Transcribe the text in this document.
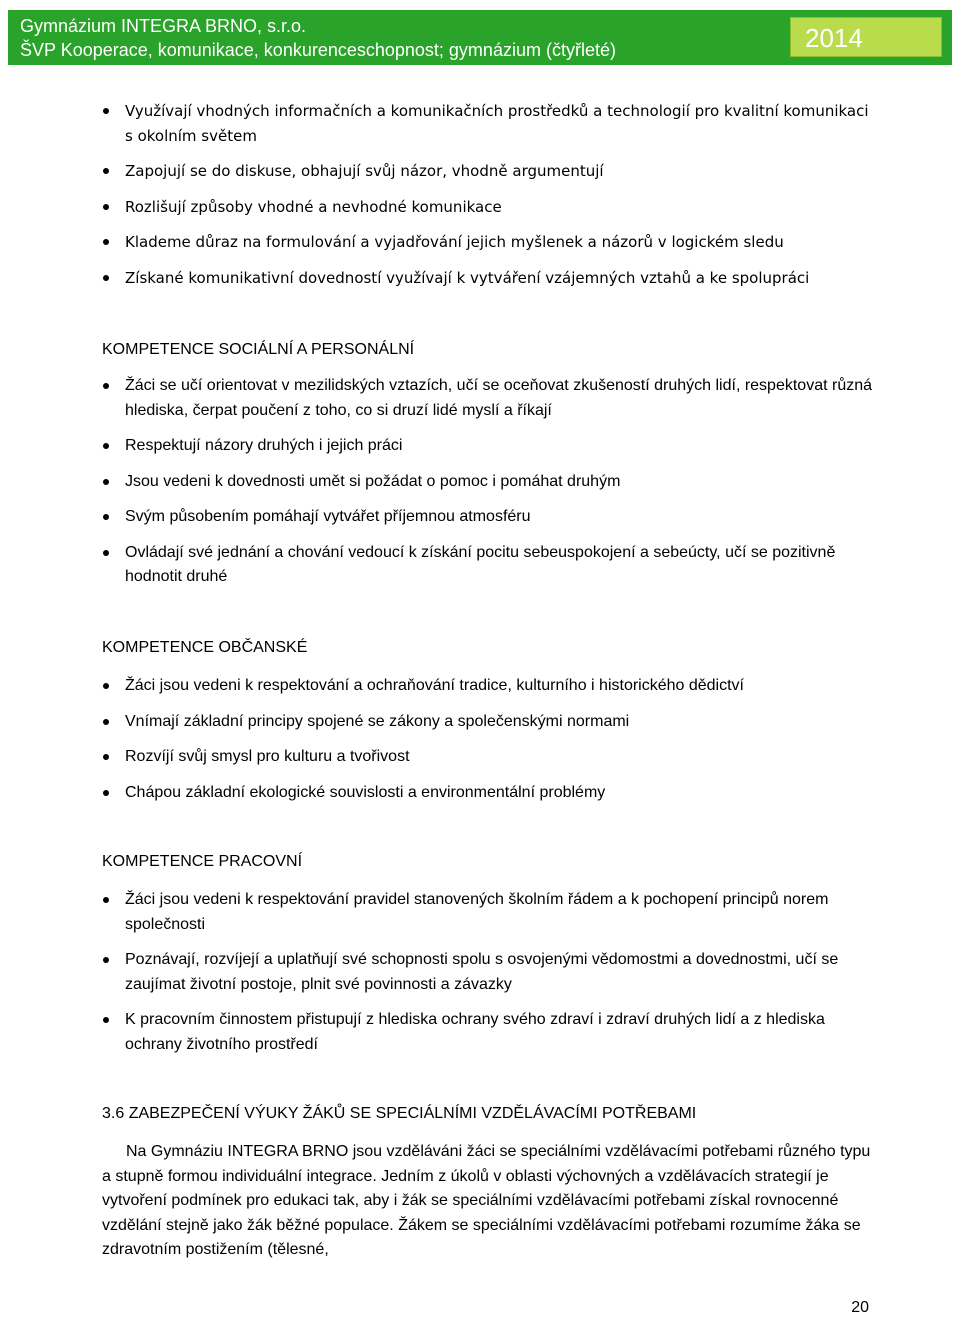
Gymnázium INTEGRA BRNO, s.r.o.
ŠVP Kooperace, komunikace, konkurenceschopnost; gymnázium (čtyřleté)	2014
Využívají vhodných informačních a komunikačních prostředků a technologií pro kvalitní komunikaci s okolním světem
Zapojují se do diskuse, obhajují svůj názor, vhodně argumentují
Rozlišují způsoby vhodné a nevhodné komunikace
Klademe důraz na formulování a vyjadřování jejich myšlenek a názorů v logickém sledu
Získané komunikativní dovedností využívají k vytváření vzájemných vztahů a ke spolupráci
KOMPETENCE SOCIÁLNÍ A PERSONÁLNÍ
Žáci se učí orientovat v mezilidských vztazích, učí se oceňovat zkušeností druhých lidí, respektovat různá hlediska, čerpat poučení z toho, co si druzí lidé myslí a říkají
Respektují názory druhých i jejich práci
Jsou vedeni k dovednosti umět si požádat o pomoc i pomáhat druhým
Svým působením pomáhají vytvářet příjemnou atmosféru
Ovládají své jednání a chování vedoucí k získání pocitu sebeuspokojení a sebeúcty, učí se pozitivně hodnotit druhé
KOMPETENCE OBČANSKÉ
Žáci jsou vedeni k respektování a ochraňování tradice, kulturního i historického dědictví
Vnímají základní principy spojené se zákony a společenskými normami
Rozvíjí svůj smysl pro kulturu a tvořivost
Chápou základní ekologické souvislosti a environmentální problémy
KOMPETENCE PRACOVNÍ
Žáci jsou vedeni k respektování pravidel stanovených školním řádem a k pochopení principů norem společnosti
Poznávají, rozvíjejí a uplatňují své schopnosti spolu s osvojenými vědomostmi a dovednostmi, učí se zaujímat životní postoje, plnit své povinnosti a závazky
K pracovním činnostem přistupují z hlediska ochrany svého zdraví i zdraví druhých lidí a z hlediska ochrany životního prostředí
3.6 ZABEZPEČENÍ VÝUKY ŽÁKŮ SE SPECIÁLNÍMI VZDĚLÁVACÍMI POTŘEBAMI

Na Gymnáziu INTEGRA BRNO jsou vzděláváni žáci se speciálními vzdělávacími potřebami různého typu a stupně formou individuální integrace. Jedním z úkolů v oblasti výchovných a vzdělávacích strategií je vytvoření podmínek pro edukaci tak, aby i žák se speciálními vzdělávacími potřebami získal rovnocenné vzdělání stejně jako žák běžné populace. Žákem se speciálními vzdělávacími potřebami rozumíme žáka se zdravotním postižením (tělesné,

20
